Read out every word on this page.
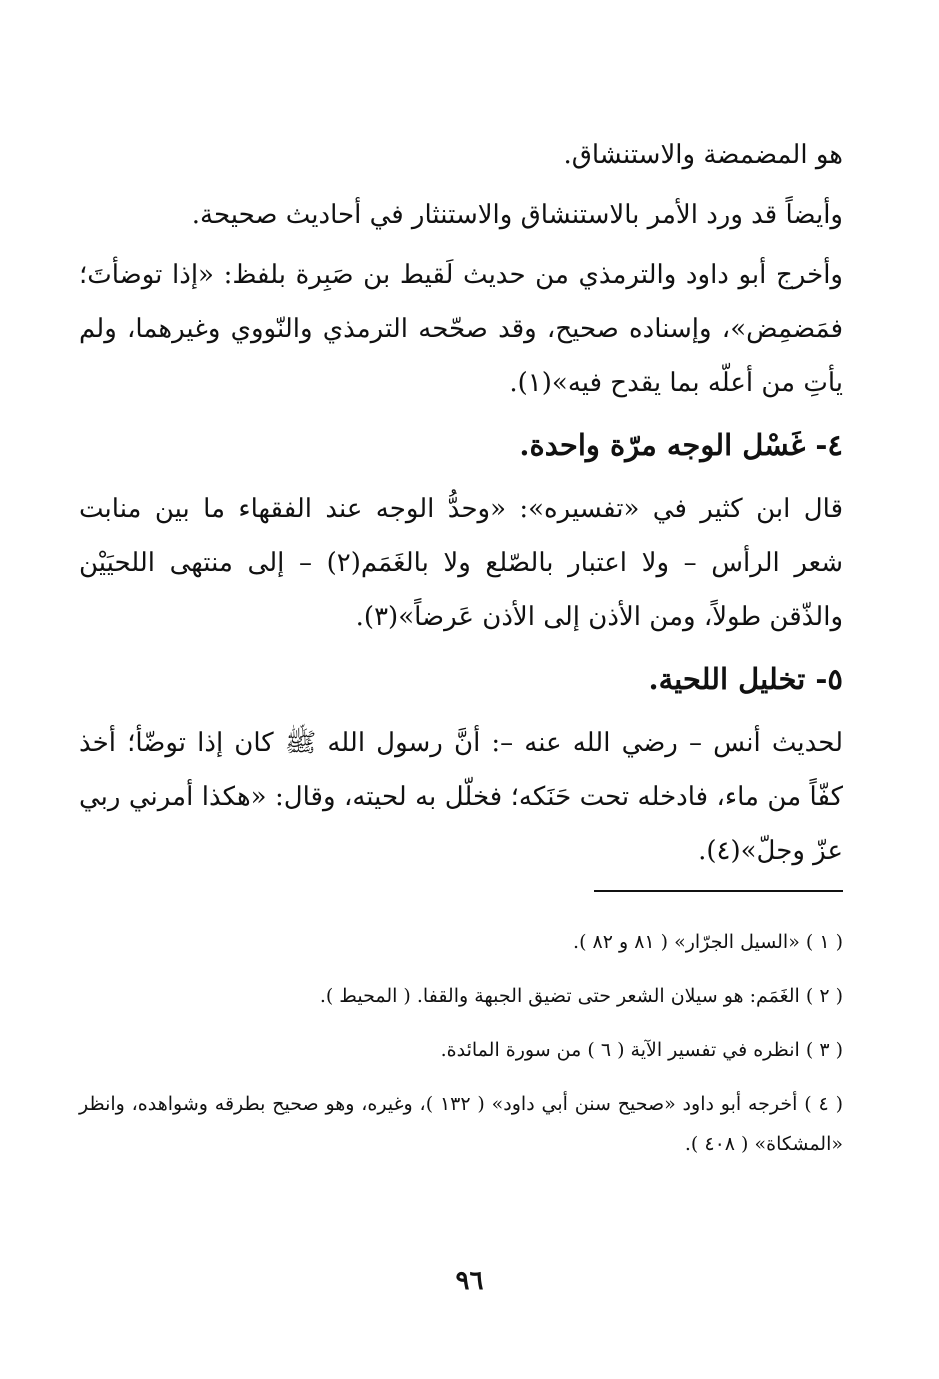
هو المضمضة والاستنشاق.

وأيضاً قد ورد الأمر بالاستنشاق والاستنثار في أحاديث صحيحة.

وأخرج أبو داود والترمذي من حديث لَقيط بن صَبِرة بلفظ: «إذا توضأتَ؛ فمَضمِض»، وإسناده صحيح، وقد صحّحه الترمذي والنّووي وغيرهما، ولم يأتِ من أعلّه بما يقدح فيه»(١).

٤- غَسْل الوجه مرّة واحدة.

قال ابن كثير في «تفسيره»: «وحدُّ الوجه عند الفقهاء ما بين منابت شعر الرأس – ولا اعتبار بالصّلع ولا بالغَمَم(٢) – إلى منتهى اللحيَيْن والذّقن طولاً، ومن الأذن إلى الأذن عَرضاً»(٣).

٥- تخليل اللحية.

لحديث أنس – رضي الله عنه –: أنَّ رسول الله ﷺ كان إذا توضّأ؛ أخذ كفّاً من ماء، فادخله تحت حَنَكه؛ فخلّل به لحيته، وقال: «هكذا أمرني ربي عزّ وجلّ»(٤).

( ١ ) «السيل الجرّار» ( ٨١ و ٨٢ ).

( ٢ ) الغَمَم: هو سيلان الشعر حتى تضيق الجبهة والقفا. ( المحيط ).

( ٣ ) انظره في تفسير الآية ( ٦ ) من سورة المائدة.

( ٤ ) أخرجه أبو داود «صحيح سنن أبي داود» ( ١٣٢ )، وغيره، وهو صحيح بطرقه وشواهده، وانظر «المشكاة» ( ٤٠٨ ).

٩٦
